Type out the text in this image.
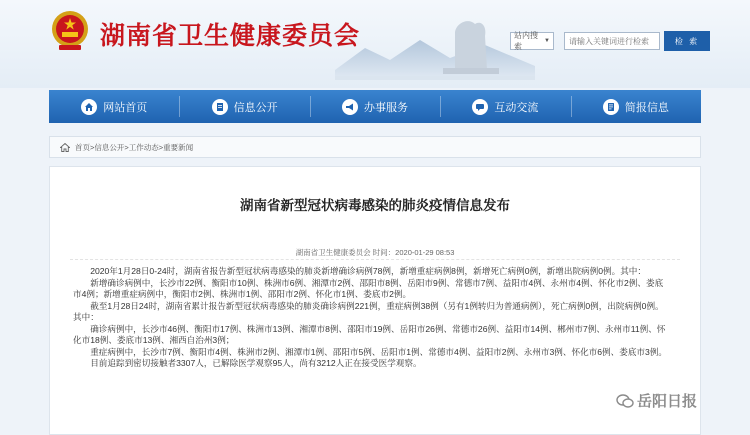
湖南省卫生健康委员会	站内搜索
▼
请输入关键词进行检索	检 索
网站首页	信息公开	办事服务	互动交流	简报信息
首页>信息公开>工作动态>重要新闻
湖南省新型冠状病毒感染的肺炎疫情信息发布
湖南省卫生健康委员会 时间：2020-01-29 08:53

　　2020年1月28日0-24时，湖南省报告新型冠状病毒感染的肺炎新增确诊病例78例，新增重症病例8例，新增死亡病例0例，新增出院病例0例。其中：

　　新增确诊病例中，长沙市22例、衡阳市10例、株洲市6例、湘潭市2例、邵阳市8例、岳阳市9例、常德市7例、益阳市4例、永州市4例、怀化市2例、娄底市4例；新增重症病例中，衡阳市2例、株洲市1例、邵阳市2例、怀化市1例、娄底市2例。

　　截至1月28日24时，湖南省累计报告新型冠状病毒感染的肺炎确诊病例221例，重症病例38例（另有1例转归为普通病例），死亡病例0例，出院病例0例。其中：

　　确诊病例中，长沙市46例、衡阳市17例、株洲市13例、湘潭市8例、邵阳市19例、岳阳市26例、常德市26例、益阳市14例、郴州市7例、永州市11例、怀化市18例、娄底市13例、湘西自治州3例；

　　重症病例中，长沙市7例、衡阳市4例、株洲市2例、湘潭市1例、邵阳市5例、岳阳市1例、常德市4例、益阳市2例、永州市3例、怀化市6例、娄底市3例。

　　目前追踪到密切接触者3307人，已解除医学观察95人，尚有3212人正在接受医学观察。

岳阳日报
